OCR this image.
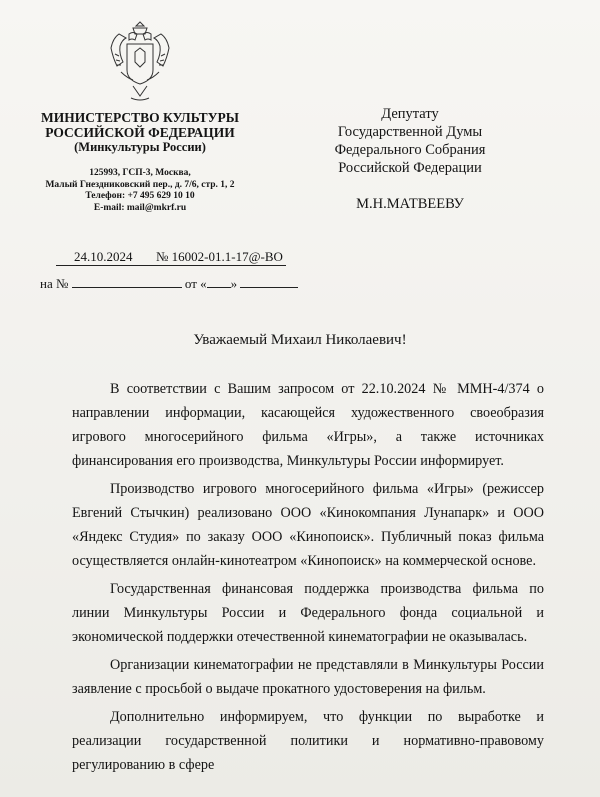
МИНИСТЕРСТВО КУЛЬТУРЫ
РОССИЙСКОЙ ФЕДЕРАЦИИ
(Минкультуры России)
125993, ГСП-3, Москва,
Малый Гнездниковский пер., д. 7/6, стр. 1, 2
Телефон: +7 495 629 10 10
E-mail: mail@mkrf.ru
Депутату
Государственной Думы
Федерального Собрания
Российской Федерации
М.Н.МАТВЕЕВУ
24.10.2024 № 16002-01.1-17@-ВО
на №	от « »
Уважаемый Михаил Николаевич!

В соответствии с Вашим запросом от 22.10.2024 № ММН-4/374 о направлении информации, касающейся художественного своеобразия игрового многосерийного фильма «Игры», а также источниках финансирования его производства, Минкультуры России информирует.

Производство игрового многосерийного фильма «Игры» (режиссер Евгений Стычкин) реализовано ООО «Кинокомпания Лунапарк» и ООО «Яндекс Студия» по заказу ООО «Кинопоиск». Публичный показ фильма осуществляется онлайн-кинотеатром «Кинопоиск» на коммерческой основе.

Государственная финансовая поддержка производства фильма по линии Минкультуры России и Федерального фонда социальной и экономической поддержки отечественной кинематографии не оказывалась.

Организации кинематографии не представляли в Минкультуры России заявление с просьбой о выдаче прокатного удостоверения на фильм.

Дополнительно информируем, что функции по выработке и реализации государственной политики и нормативно-правовому регулированию в сфере
